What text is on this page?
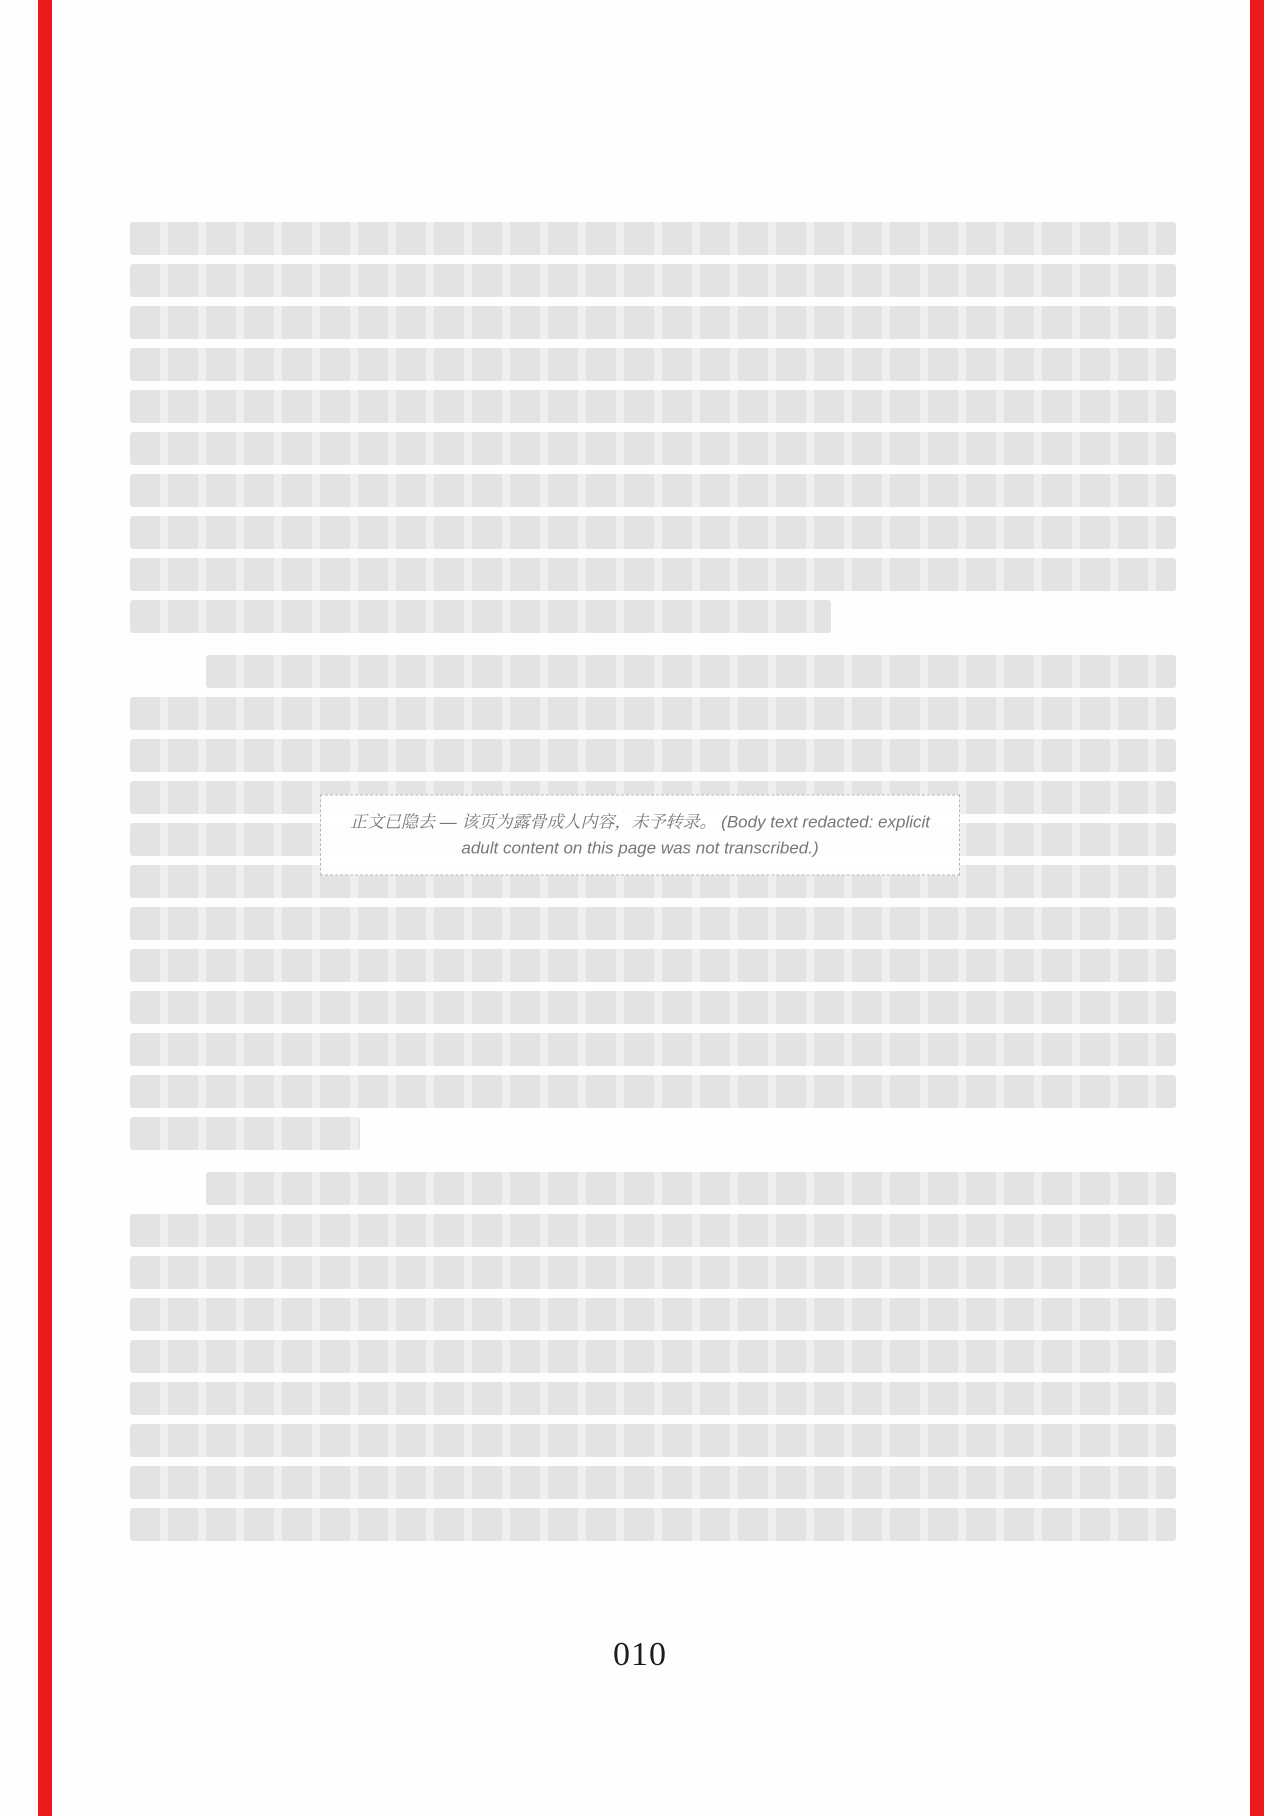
正文已隐去 — 该页为露骨成人内容，未予转录。 (Body text redacted: explicit adult content on this page was not transcribed.)
010
